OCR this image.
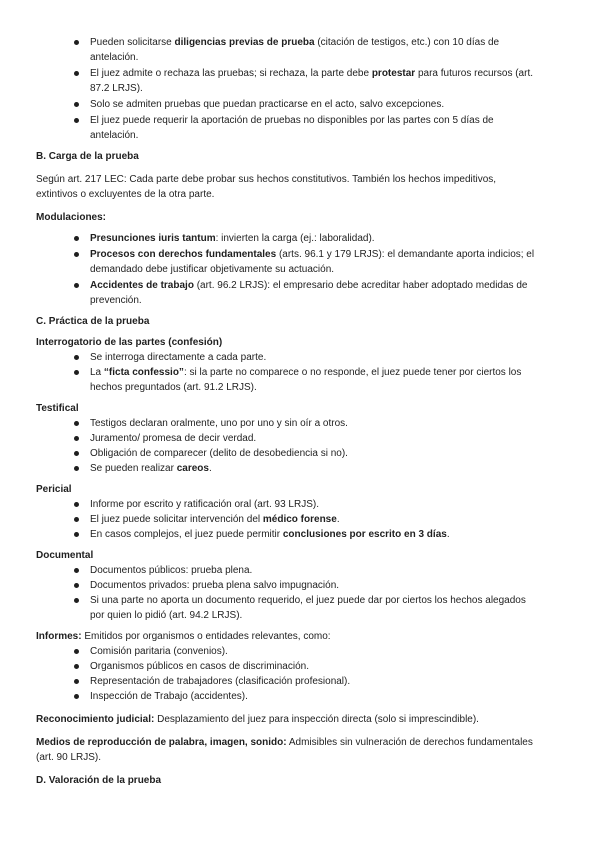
Pueden solicitarse diligencias previas de prueba (citación de testigos, etc.) con 10 días de antelación.
El juez admite o rechaza las pruebas; si rechaza, la parte debe protestar para futuros recursos (art. 87.2 LRJS).
Solo se admiten pruebas que puedan practicarse en el acto, salvo excepciones.
El juez puede requerir la aportación de pruebas no disponibles por las partes con 5 días de antelación.
B. Carga de la prueba

Según art. 217 LEC: Cada parte debe probar sus hechos constitutivos. También los hechos impeditivos, extintivos o excluyentes de la otra parte.

Modulaciones:
Presunciones iuris tantum: invierten la carga (ej.: laboralidad).
Procesos con derechos fundamentales (arts. 96.1 y 179 LRJS): el demandante aporta indicios; el demandado debe justificar objetivamente su actuación.
Accidentes de trabajo (art. 96.2 LRJS): el empresario debe acreditar haber adoptado medidas de prevención.
C. Práctica de la prueba
Interrogatorio de las partes (confesión)
Se interroga directamente a cada parte.
La “ficta confessio”: si la parte no comparece o no responde, el juez puede tener por ciertos los hechos preguntados (art. 91.2 LRJS).
Testifical
Testigos declaran oralmente, uno por uno y sin oír a otros.
Juramento/ promesa de decir verdad.
Obligación de comparecer (delito de desobediencia si no).
Se pueden realizar careos.
Pericial
Informe por escrito y ratificación oral (art. 93 LRJS).
El juez puede solicitar intervención del médico forense.
En casos complejos, el juez puede permitir conclusiones por escrito en 3 días.
Documental
Documentos públicos: prueba plena.
Documentos privados: prueba plena salvo impugnación.
Si una parte no aporta un documento requerido, el juez puede dar por ciertos los hechos alegados por quien lo pidió (art. 94.2 LRJS).

Informes: Emitidos por organismos o entidades relevantes, como:

Comisión paritaria (convenios).
Organismos públicos en casos de discriminación.
Representación de trabajadores (clasificación profesional).
Inspección de Trabajo (accidentes).

Reconocimiento judicial: Desplazamiento del juez para inspección directa (solo si imprescindible).

Medios de reproducción de palabra, imagen, sonido: Admisibles sin vulneración de derechos fundamentales (art. 90 LRJS).

D. Valoración de la prueba
